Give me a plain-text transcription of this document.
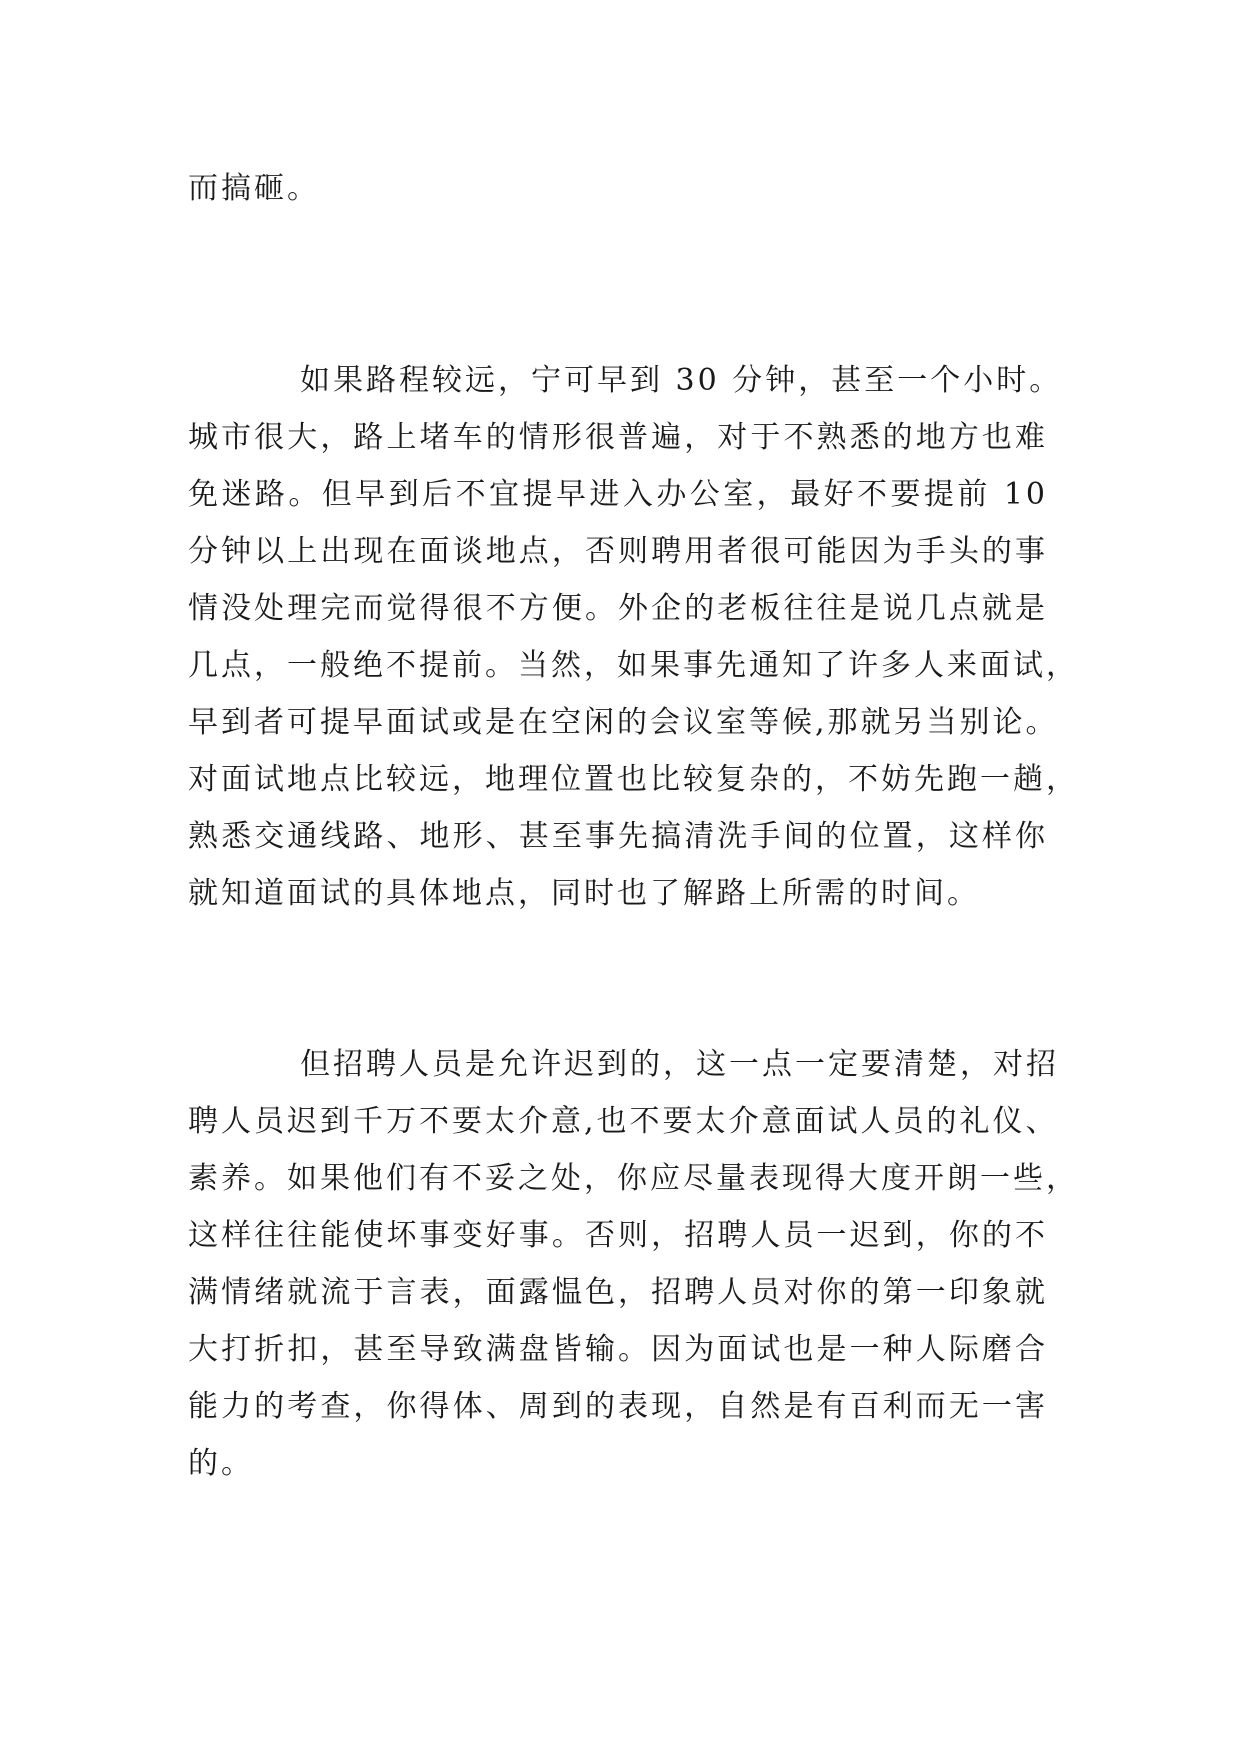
而搞砸。

如果路程较远，宁可早到 30 分钟，甚至一个小时。
城市很大，路上堵车的情形很普遍，对于不熟悉的地方也难
免迷路。但早到后不宜提早进入办公室，最好不要提前 10
分钟以上出现在面谈地点，否则聘用者很可能因为手头的事
情没处理完而觉得很不方便。外企的老板往往是说几点就是
几点，一般绝不提前。当然，如果事先通知了许多人来面试，
早到者可提早面试或是在空闲的会议室等候,那就另当别论。
对面试地点比较远，地理位置也比较复杂的，不妨先跑一趟，
熟悉交通线路、地形、甚至事先搞清洗手间的位置，这样你
就知道面试的具体地点，同时也了解路上所需的时间。

但招聘人员是允许迟到的，这一点一定要清楚，对招
聘人员迟到千万不要太介意,也不要太介意面试人员的礼仪、
素养。如果他们有不妥之处，你应尽量表现得大度开朗一些，
这样往往能使坏事变好事。否则，招聘人员一迟到，你的不
满情绪就流于言表，面露愠色，招聘人员对你的第一印象就
大打折扣，甚至导致满盘皆输。因为面试也是一种人际磨合
能力的考查，你得体、周到的表现，自然是有百利而无一害
的。
